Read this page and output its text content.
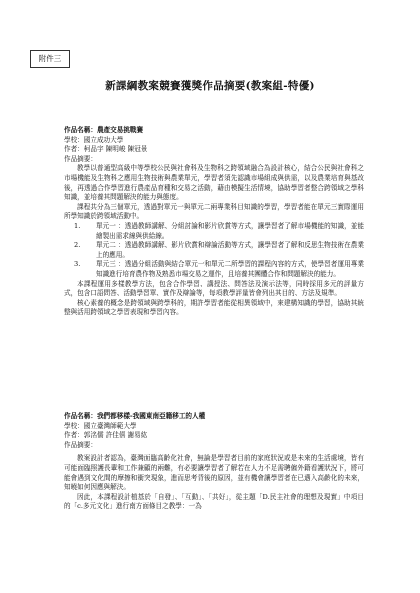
附件三
新課綱教案競賽獲獎作品摘要(教案組-特優)
作品名稱：農產交易挑戰賽
學校：國立成功大學
作者：柯品宇 陳明峻 陳冠景
作品摘要：
教學以普通型高級中等學校公民與社會科及生物科之跨領域融合為設計核心，結合公民與社會科之市場機能及生物科之應用生物技術與農業單元，學習者須先認識市場組成與供需，以及農業培育與基改後，再透過合作學習進行農產品育種和交易之活動，藉由模擬生活情境，協助學習者整合跨領域之學科知識，並培養其問題解決的能力與態度。
課程共分為三個單元，透過對單元一與單元二兩專業科目知識的學習，學習者能在單元三實際運用所學知識於跨領域活動中。
1.	單元一 ：透過教師講解、分組討論和影片欣賞等方式，讓學習者了解市場機能的知識，並能繪製出需求線與供給線。
2.	單元二 ：透過教師講解、影片欣賞和辯論活動等方式，讓學習者了解和反思生物技術在農業上的應用。
3.	單元三 ：透過分組活動與結合單元一和單元二所學習的課程內容的方式，使學習者運用專業知識進行培育農作物及熟悉市場交易之運作，且培養其團體合作和問題解決的能力。
本課程運用多樣教學方法，包含合作學習、講授法、問答法及演示法等，同時採用多元的評量方式，包含口語問答、活動學習單、實作及辯論等，每項教學評量皆會列出其目的、方法及規準。
核心素養的概念是跨領域與跨學科的，期許學習者能從相異領域中，來建構知識的學習，協助其統整與活用跨領域之學習表現和學習內容。
作品名稱：我們都移樣-我國東南亞籍移工的人權
學校：國立臺灣師範大學
作者：郭洺儒 許佳僖 謝易紘
作品摘要：
教案設計者認為，臺灣面臨高齡化社會，無論是學習者目前的家庭狀況或是未來的生活處境，皆有可能面臨照護長輩和工作兼顧的兩難，有必要讓學習者了解若在人力不足需聘僱外籍看護狀況下，將可能會遇到文化間的摩擦和衝突現象，進而思考背後的原因，並有機會讓學習者在已邁入高齡化的未來，知曉如何因應與解決。
因此，本課程設計植基於「自發」、「互動」、「共好」，從主題「D.民主社會的理想及現實」中項目的「c.多元文化」進行南方面條目之教學：一為
